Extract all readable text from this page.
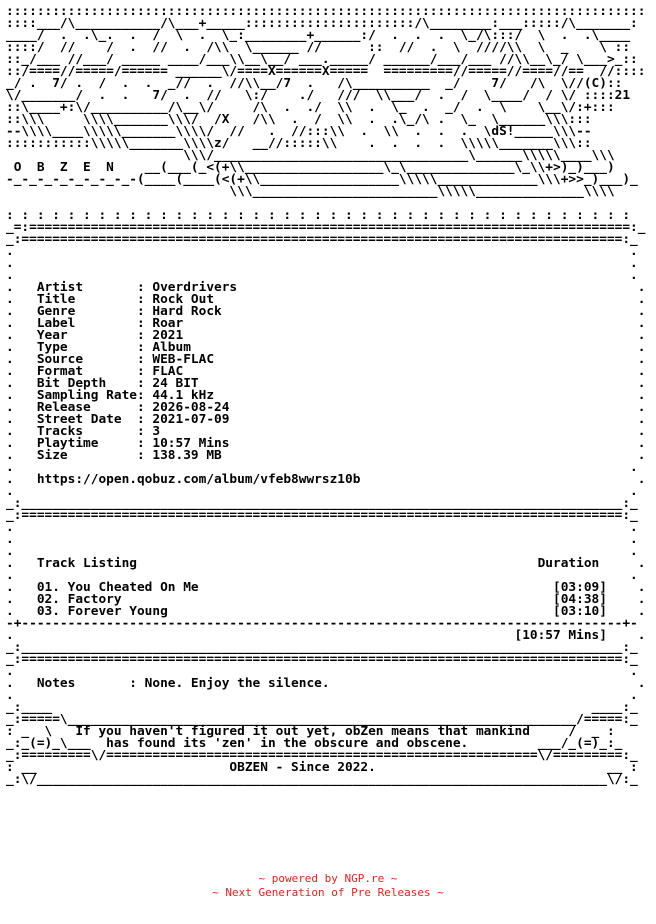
:::::::::::::::::::::::::::::::::::::::::::::::::::::::::::::::::::::::::::::::::::
::::___/\___________/\___+_____::::::::::::::::::::::/\________:___:::::/\_______:
____/  .  .\_.  .  /  \  .  \_:________+______:/  .  .  .  \_/\:::/  \  .  .\____
::::/  //    /  .  //  .  /\\  \______ //      ::  //  .  \  ////\\  \  _    \ ::
::_/___ //___/ _____ ____/___\\__\__/ ___._____/ ______/___/___ //\\__\_/ \___>_::
::/====//=====/====== ______\/====X======X=====  =========//=====//====//==  //::::
_/ .  7/ .  /  .  .  _//  .  //\\__/7  .   /\__________  _/    7/   /\  \//(C)::
\/_______/  .  .   7/  .  //   \:/    ./   ///  \\___/  .  /  \____/  / \/ ::::21
::\____+:\/__________/\__\/     /\  .  ./  \\  .  \_  .  _/  .  \    \__\/:+:::
::\\\     \\\\_______\\\/  /X   /\\  .  /  \\  .  .\_/\ .  \_  \______\\\:::
--\\\\____\\\\\_______\\\\/  //   .  //:::\\  .  \\  .  .  .  \dS!_____\\\--
:::::::::::\\\\\_______\\\\z/   __//:::::\\    .  .  .  .  \\\\\_______\\\::
\\\/_________________________________\______\\\\\____\\\
O  B  Z  E  N    __(___(_<(+\\__________________\_\______________\_\\+>)_)___)
-_-_-_-_-_-_-_-_-(____(____(<(+\\__________________\\\\\_____________\\\+>>_)___)_
\\\________________________\\\\\______________\\\\

: : : : : : : : : : : : : : : : : : : : : : : : : : : : : : : : : : : : : : : : :
_=:==============================================================================:_
_:==============================================================================:_
.                                                                                .
.                                                                                .
.                                                                                .
.   Artist       : Overdrivers                                                    .
.   Title        : Rock Out                                                       .
.   Genre        : Hard Rock                                                      .
.   Label        : Roar                                                           .
.   Year         : 2021                                                           .
.   Type         : Album                                                          .
.   Source       : WEB-FLAC                                                       .
.   Format       : FLAC                                                           .
.   Bit Depth    : 24 BIT                                                         .
.   Sampling Rate: 44.1 kHz                                                       .
.   Release      : 2026-08-24                                                     .
.   Street Date  : 2021-07-09                                                     .
.   Tracks       : 3                                                              .
.   Playtime     : 10:57 Mins                                                     .
.   Size         : 138.39 MB                                                      .
.                                                                                .
.   https://open.qobuz.com/album/vfeb8wwrsz10b                                    .
.                                                                                .
_:______________________________________________________________________________:_
_:==============================================================================:_
.                                                                                .
.                                                                                .
.                                                                                .
.   Track Listing                                                    Duration     .
.                                                                                .
.   01. You Cheated On Me                                              [03:09]    .
.   02. Factory                                                        [04:38]    .
.   03. Forever Young                                                  [03:10]    .
-+------------------------------------------------------------------------------+-
.                                                                 [10:57 Mins]    .
_:______________________________________________________________________________:_
_:==============================================================================:_
.                                                                                .
.   Notes       : None. Enjoy the silence.                                        .
.                                                                                .
_:____                                                                      ____:_
_:=====\__________________________________________________________________/=====:_
: _  \   If you haven't figured it out yet, obZen means that mankind     /  _ :
_:_(=)_\___  has found its 'zen' in the obscure and obscene.         ___/_(=)_:_
_:=========\/========================================================\/=========:_
: __                         OBZEN - Since 2022.                              __ :
_:\/__________________________________________________________________________\/:_

~ powered by NGP.re ~
~ Next Generation of Pre Releases ~
